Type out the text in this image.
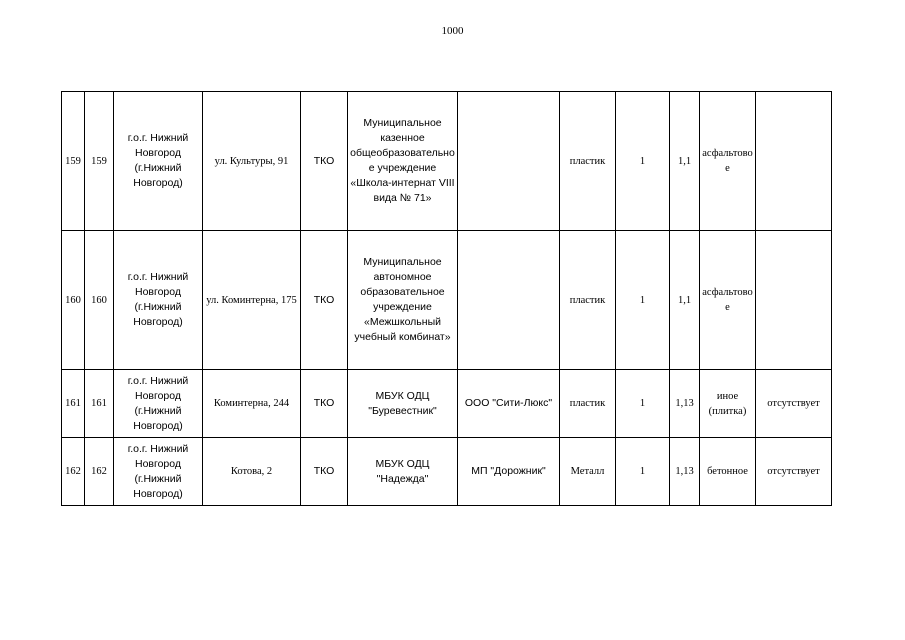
1000
159	159	г.о.г. Нижний Новгород (г.Нижний Новгород)	ул. Культуры, 91	ТКО	Муниципальное казенное общеобразовательное учреждение «Школа-интернат VIII вида № 71»		пластик	1	1,1	асфальтовое	
160	160	г.о.г. Нижний Новгород (г.Нижний Новгород)	ул. Коминтерна, 175	ТКО	Муниципальное автономное образовательное учреждение «Межшкольный учебный комбинат»		пластик	1	1,1	асфальтовое	
161	161	г.о.г. Нижний Новгород (г.Нижний Новгород)	Коминтерна, 244	ТКО	МБУК ОДЦ "Буревестник"	ООО "Сити-Люкс"	пластик	1	1,13	иное (плитка)	отсутствует
162	162	г.о.г. Нижний Новгород (г.Нижний Новгород)	Котова, 2	ТКО	МБУК ОДЦ "Надежда"	МП "Дорожник"	Металл	1	1,13	бетонное	отсутствует
